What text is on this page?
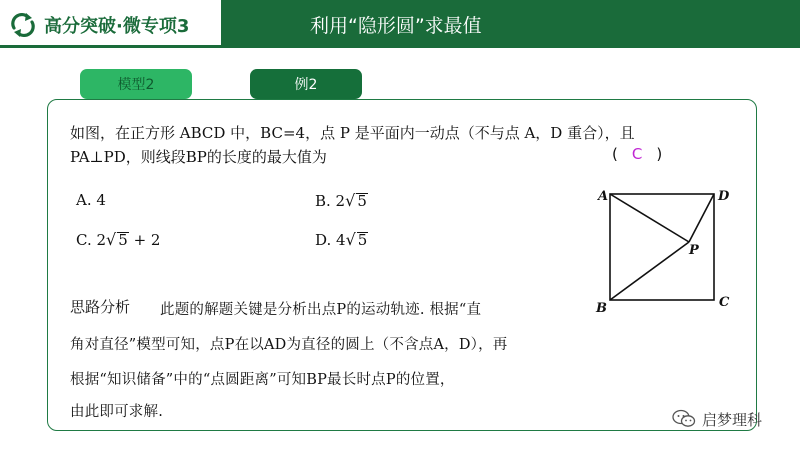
高分突破·微专项3	利用“隐形圆”求最值
模型2	例2
如图，在正方形 ABCD 中，BC=4，点 P 是平面内一动点（不与点 A，D 重合），且
PA⊥PD，则线段BP的长度的最大值为	( C )
A. 4	B. 2√ 5
C. 2√ 5 + 2	D. 4√ 5
A	D
B	C
P
思路分析 此题的解题关键是分析出点P的运动轨迹. 根据“直
角对直径”模型可知，点P在以AD为直径的圆上（不含点A，D），再
根据“知识储备”中的“点圆距离”可知BP最长时点P的位置，
由此即可求解.	启梦理科
